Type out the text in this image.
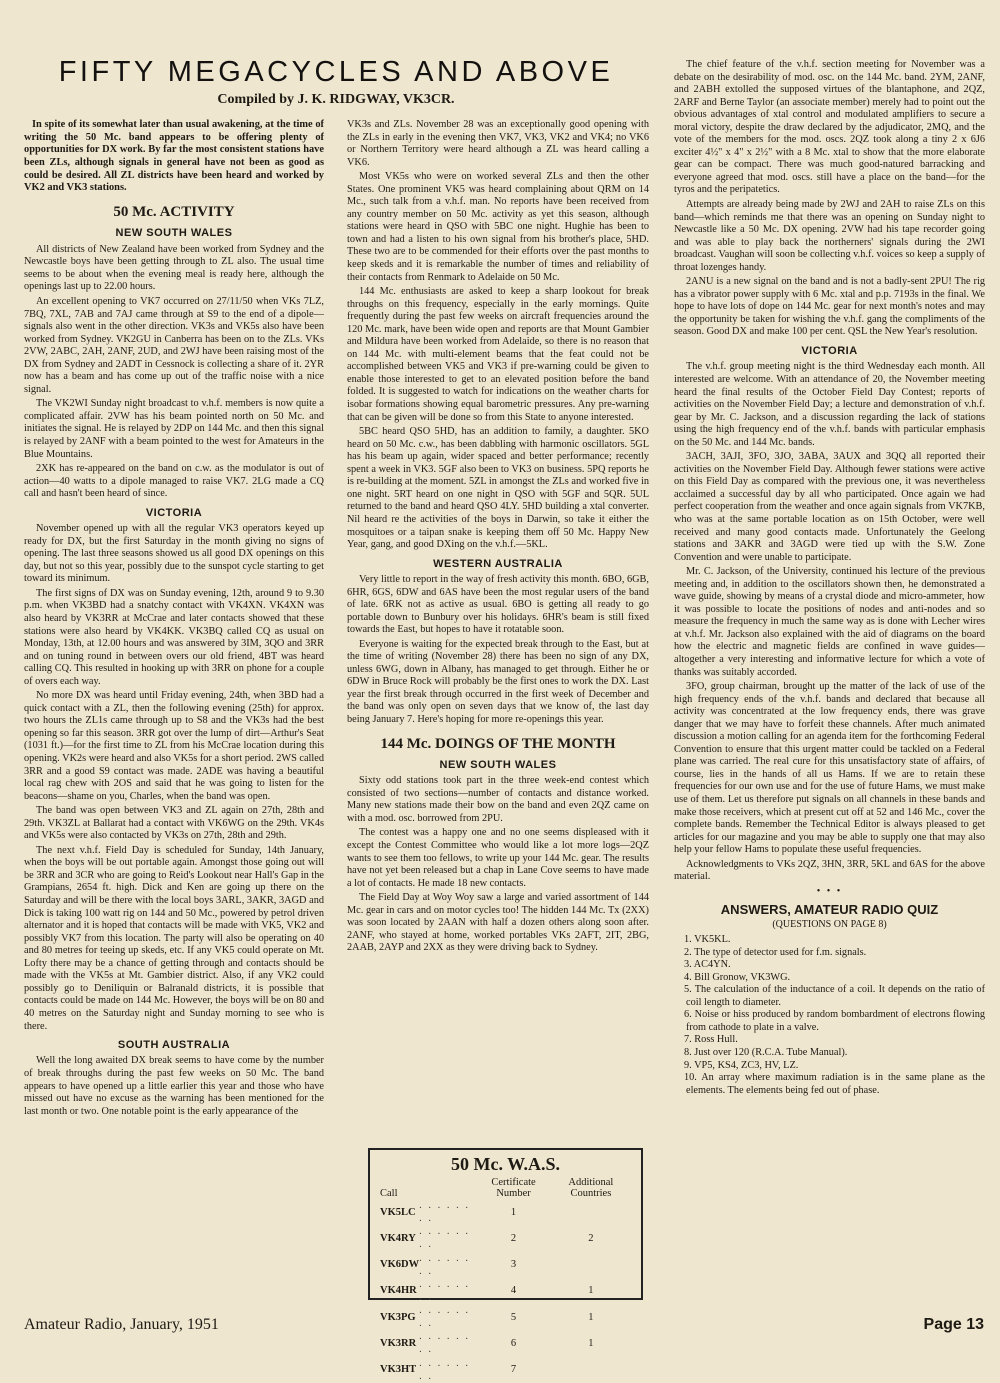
FIFTY MEGACYCLES AND ABOVE
Compiled by J. K. RIDGWAY, VK3CR.

In spite of its somewhat later than usual awakening, at the time of writing the 50 Mc. band appears to be offering plenty of opportunities for DX work. By far the most consistent stations have been ZLs, although signals in general have not been as good as could be desired. All ZL districts have been heard and worked by VK2 and VK3 stations.

50 Mc. ACTIVITY
NEW SOUTH WALES

All districts of New Zealand have been worked from Sydney and the Newcastle boys have been getting through to ZL also. The usual time seems to be about when the evening meal is ready here, although the openings last up to 22.00 hours.

An excellent opening to VK7 occurred on 27/11/50 when VKs 7LZ, 7BQ, 7XL, 7AB and 7AJ came through at S9 to the end of a dipole—signals also went in the other direction. VK3s and VK5s also have been worked from Sydney. VK2GU in Canberra has been on to the ZLs. VKs 2VW, 2ABC, 2AH, 2ANF, 2UD, and 2WJ have been raising most of the DX from Sydney and 2ADT in Cessnock is collecting a share of it. 2YR now has a beam and has come up out of the traffic noise with a nice signal.

The VK2WI Sunday night broadcast to v.h.f. members is now quite a complicated affair. 2VW has his beam pointed north on 50 Mc. and initiates the signal. He is relayed by 2DP on 144 Mc. and then this signal is relayed by 2ANF with a beam pointed to the west for Amateurs in the Blue Mountains.

2XK has re-appeared on the band on c.w. as the modulator is out of action—40 watts to a dipole managed to raise VK7. 2LG made a CQ call and hasn't been heard of since.

VICTORIA

November opened up with all the regular VK3 operators keyed up ready for DX, but the first Saturday in the month giving no signs of opening. The last three seasons showed us all good DX openings on this day, but not so this year, possibly due to the sunspot cycle starting to get toward its minimum.

The first signs of DX was on Sunday evening, 12th, around 9 to 9.30 p.m. when VK3BD had a snatchy contact with VK4XN. VK4XN was also heard by VK3RR at McCrae and later contacts showed that these stations were also heard by VK4KK. VK3BQ called CQ as usual on Monday, 13th, at 12.00 hours and was answered by 3IM, 3QO and 3RR and on tuning round in between overs our old friend, 4BT was heard calling CQ. This resulted in hooking up with 3RR on phone for a couple of overs each way.

No more DX was heard until Friday evening, 24th, when 3BD had a quick contact with a ZL, then the following evening (25th) for approx. two hours the ZL1s came through up to S8 and the VK3s had the best opening so far this season. 3RR got over the lump of dirt—Arthur's Seat (1031 ft.)—for the first time to ZL from his McCrae location during this opening. VK2s were heard and also VK5s for a short period. 2WS called 3RR and a good S9 contact was made. 2ADE was having a beautiful local rag chew with 2OS and said that he was going to listen for the beacons—shame on you, Charles, when the band was open.

The band was open between VK3 and ZL again on 27th, 28th and 29th. VK3ZL at Ballarat had a contact with VK6WG on the 29th. VK4s and VK5s were also contacted by VK3s on 27th, 28th and 29th.

The next v.h.f. Field Day is scheduled for Sunday, 14th January, when the boys will be out portable again. Amongst those going out will be 3RR and 3CR who are going to Reid's Lookout near Hall's Gap in the Grampians, 2654 ft. high. Dick and Ken are going up there on the Saturday and will be there with the local boys 3ARL, 3AKR, 3AGD and Dick is taking 100 watt rig on 144 and 50 Mc., powered by petrol driven alternator and it is hoped that contacts will be made with VK5, VK2 and possibly VK7 from this location. The party will also be operating on 40 and 80 metres for teeing up skeds, etc. If any VK5 could operate on Mt. Lofty there may be a chance of getting through and contacts should be made with the VK5s at Mt. Gambier district. Also, if any VK2 could possibly go to Deniliquin or Balranald districts, it is possible that contacts could be made on 144 Mc. However, the boys will be on 80 and 40 metres on the Saturday night and Sunday morning to see who is there.

SOUTH AUSTRALIA

Well the long awaited DX break seems to have come by the number of break throughs during the past few weeks on 50 Mc. The band appears to have opened up a little earlier this year and those who have missed out have no excuse as the warning has been mentioned for the last month or two. One notable point is the early appearance of the

VK3s and ZLs. November 28 was an exceptionally good opening with the ZLs in early in the evening then VK7, VK3, VK2 and VK4; no VK6 or Northern Territory were heard although a ZL was heard calling a VK6.

Most VK5s who were on worked several ZLs and then the other States. One prominent VK5 was heard complaining about QRM on 14 Mc., such talk from a v.h.f. man. No reports have been received from any country member on 50 Mc. activity as yet this season, although stations were heard in QSO with 5BC one night. Hughie has been to town and had a listen to his own signal from his brother's place, 5HD. These two are to be commended for their efforts over the past months to keep skeds and it is remarkable the number of times and reliability of their contacts from Renmark to Adelaide on 50 Mc.

144 Mc. enthusiasts are asked to keep a sharp lookout for break throughs on this frequency, especially in the early mornings. Quite frequently during the past few weeks on aircraft frequencies around the 120 Mc. mark, have been wide open and reports are that Mount Gambier and Mildura have been worked from Adelaide, so there is no reason that on 144 Mc. with multi-element beams that the feat could not be accomplished between VK5 and VK3 if pre-warning could be given to enable those interested to get to an elevated position before the band folded. It is suggested to watch for indications on the weather charts for isobar formations showing equal barometric pressures. Any pre-warning that can be given will be done so from this State to anyone interested.

5BC heard QSO 5HD, has an addition to family, a daughter. 5KO heard on 50 Mc. c.w., has been dabbling with harmonic oscillators. 5GL has his beam up again, wider spaced and better performance; recently spent a week in VK3. 5GF also been to VK3 on business. 5PQ reports he is re-building at the moment. 5ZL in amongst the ZLs and worked five in one night. 5RT heard on one night in QSO with 5GF and 5QR. 5UL returned to the band and heard QSO 4LY. 5HD building a xtal converter. Nil heard re the activities of the boys in Darwin, so take it either the mosquitoes or a taipan snake is keeping them off 50 Mc. Happy New Year, gang, and good DXing on the v.h.f.—5KL.

WESTERN AUSTRALIA

Very little to report in the way of fresh activity this month. 6BO, 6GB, 6HR, 6GS, 6DW and 6AS have been the most regular users of the band of late. 6RK not as active as usual. 6BO is getting all ready to go portable down to Bunbury over his holidays. 6HR's beam is still fixed towards the East, but hopes to have it rotatable soon.

Everyone is waiting for the expected break through to the East, but at the time of writing (November 28) there has been no sign of any DX, unless 6WG, down in Albany, has managed to get through. Either he or 6DW in Bruce Rock will probably be the first ones to work the DX. Last year the first break through occurred in the first week of December and the band was only open on seven days that we know of, the last day being January 7. Here's hoping for more re-openings this year.

144 Mc. DOINGS OF THE MONTH
NEW SOUTH WALES

Sixty odd stations took part in the three week-end contest which consisted of two sections—number of contacts and distance worked. Many new stations made their bow on the band and even 2QZ came on with a mod. osc. borrowed from 2PU.

The contest was a happy one and no one seems displeased with it except the Contest Committee who would like a lot more logs—2QZ wants to see them too fellows, to write up your 144 Mc. gear. The results have not yet been released but a chap in Lane Cove seems to have made a lot of contacts. He made 18 new contacts.

The Field Day at Woy Woy saw a large and varied assortment of 144 Mc. gear in cars and on motor cycles too! The hidden 144 Mc. Tx (2XX) was soon located by 2AAN with half a dozen others along soon after. 2ANF, who stayed at home, worked portables VKs 2AFT, 2IT, 2BG, 2AAB, 2AYP and 2XX as they were driving back to Sydney.

50 Mc. W.A.S.
Call		Certificate Number	Additional Countries
VK5LC	. . . . . . . .	1	
VK4RY	. . . . . . . .	2	2
VK6DW	. . . . . . . .	3	
VK4HR	. . . . . . . .	4	1
VK3PG	. . . . . . . .	5	1
VK3RR	. . . . . . . .	6	1
VK3HT	. . . . . . . .	7	

The chief feature of the v.h.f. section meeting for November was a debate on the desirability of mod. osc. on the 144 Mc. band. 2YM, 2ANF, and 2ABH extolled the supposed virtues of the blantaphone, and 2QZ, 2ARF and Berne Taylor (an associate member) merely had to point out the obvious advantages of xtal control and modulated amplifiers to secure a moral victory, despite the draw declared by the adjudicator, 2MQ, and the vote of the members for the mod. oscs. 2QZ took along a tiny 2 x 6J6 exciter 4½" x 4" x 2½" with a 8 Mc. xtal to show that the more elaborate gear can be compact. There was much good-natured barracking and everyone agreed that mod. oscs. still have a place on the band—for the tyros and the peripatetics.

Attempts are already being made by 2WJ and 2AH to raise ZLs on this band—which reminds me that there was an opening on Sunday night to Newcastle like a 50 Mc. DX opening. 2VW had his tape recorder going and was able to play back the northerners' signals during the 2WI broadcast. Vaughan will soon be collecting v.h.f. voices so keep a supply of throat lozenges handy.

2ANU is a new signal on the band and is not a badly-sent 2PU! The rig has a vibrator power supply with 6 Mc. xtal and p.p. 7193s in the final. We hope to have lots of dope on 144 Mc. gear for next month's notes and may the opportunity be taken for wishing the v.h.f. gang the compliments of the season. Good DX and make 100 per cent. QSL the New Year's resolution.

VICTORIA

The v.h.f. group meeting night is the third Wednesday each month. All interested are welcome. With an attendance of 20, the November meeting heard the final results of the October Field Day Contest; reports of activities on the November Field Day; a lecture and demonstration of v.h.f. gear by Mr. C. Jackson, and a discussion regarding the lack of stations using the high frequency end of the v.h.f. bands with particular emphasis on the 50 Mc. and 144 Mc. bands.

3ACH, 3AJI, 3FO, 3JO, 3ABA, 3AUX and 3QQ all reported their activities on the November Field Day. Although fewer stations were active on this Field Day as compared with the previous one, it was nevertheless acclaimed a successful day by all who participated. Once again we had perfect cooperation from the weather and once again signals from VK7KB, who was at the same portable location as on 15th October, were well received and many good contacts made. Unfortunately the Geelong stations and 3AKR and 3AGD were tied up with the S.W. Zone Convention and were unable to participate.

Mr. C. Jackson, of the University, continued his lecture of the previous meeting and, in addition to the oscillators shown then, he demonstrated a wave guide, showing by means of a crystal diode and micro-ammeter, how it was possible to locate the positions of nodes and anti-nodes and so measure the frequency in much the same way as is done with Lecher wires at v.h.f. Mr. Jackson also explained with the aid of diagrams on the board how the electric and magnetic fields are confined in wave guides—altogether a very interesting and informative lecture for which a vote of thanks was suitably accorded.

3FO, group chairman, brought up the matter of the lack of use of the high frequency ends of the v.h.f. bands and declared that because all activity was concentrated at the low frequency ends, there was grave danger that we may have to forfeit these channels. After much animated discussion a motion calling for an agenda item for the forthcoming Federal Convention to ensure that this urgent matter could be tackled on a Federal plane was carried. The real cure for this unsatisfactory state of affairs, of course, lies in the hands of all us Hams. If we are to retain these frequencies for our own use and for the use of future Hams, we must make use of them. Let us therefore put signals on all channels in these bands and make those receivers, which at present cut off at 52 and 146 Mc., cover the complete bands. Remember the Technical Editor is always pleased to get articles for our magazine and you may be able to supply one that may also help your fellow Hams to populate these useful frequencies.

Acknowledgments to VKs 2QZ, 3HN, 3RR, 5KL and 6AS for the above material.

• • •
ANSWERS, AMATEUR RADIO QUIZ
(QUESTIONS ON PAGE 8)
1. VK5KL.
2. The type of detector used for f.m. signals.
3. AC4YN.
4. Bill Gronow, VK3WG.
5. The calculation of the inductance of a coil. It depends on the ratio of coil length to diameter.
6. Noise or hiss produced by random bombardment of electrons flowing from cathode to plate in a valve.
7. Ross Hull.
8. Just over 120 (R.C.A. Tube Manual).
9. VP5, KS4, ZC3, HV, LZ.
10. An array where maximum radiation is in the same plane as the elements. The elements being fed out of phase.
Amateur Radio, January, 1951	Page 13
